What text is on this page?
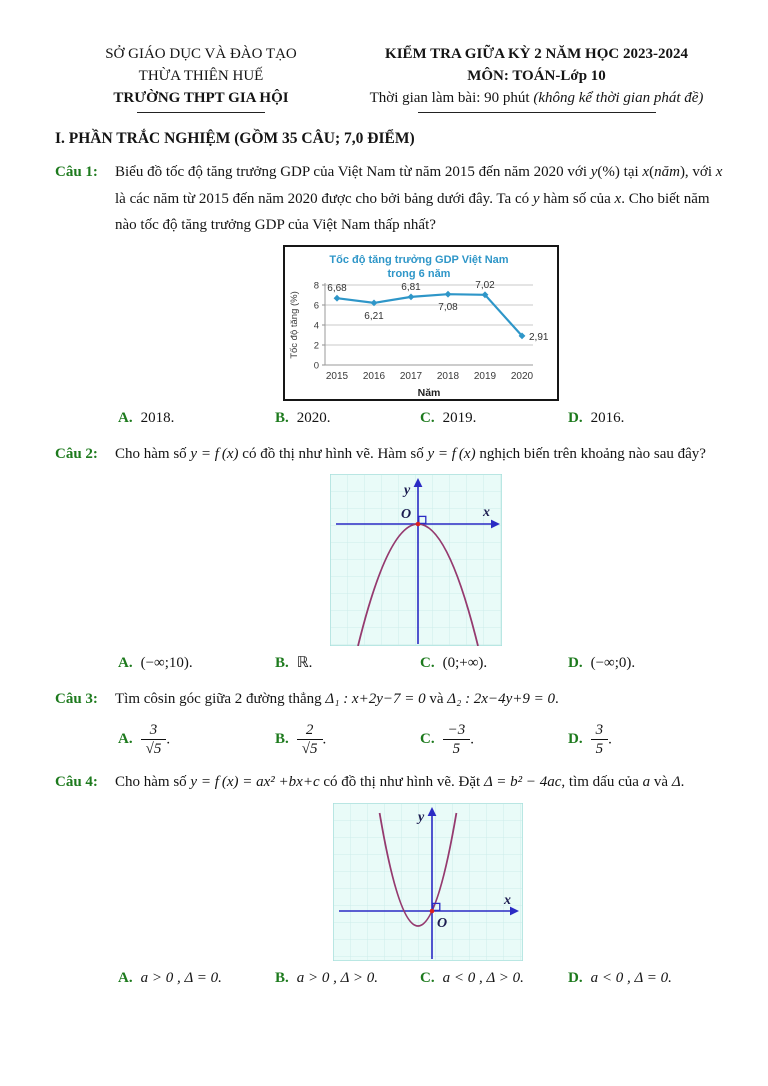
SỞ GIÁO DỤC VÀ ĐÀO TẠO
THỪA THIÊN HUẾ
TRƯỜNG THPT GIA HỘI
KIỂM TRA GIỮA KỲ 2 NĂM HỌC 2023-2024
MÔN: TOÁN-Lớp 10
Thời gian làm bài: 90 phút (không kể thời gian phát đề)
I. PHẦN TRẮC NGHIỆM (GỒM 35 CÂU; 7,0 ĐIỂM)
Câu 1:	Biểu đồ tốc độ tăng trưởng GDP của Việt Nam từ năm 2015 đến năm 2020 với y(%) tại x(năm), với x là các năm từ 2015 đến năm 2020 được cho bởi bảng dưới đây. Ta có y hàm số của x. Cho biết năm nào tốc độ tăng trưởng GDP của Việt Nam thấp nhất?
Tốc độ tăng trưởng GDP Việt Nam
trong 6 năm
0
2
4
6
8 6,68
2015
6,21
2016
6,81
2017
7,08
2018
7,02
2019
2,91
2020
Năm
Tốc độ tăng (%)
A. 2018.	B. 2020.	C. 2019.	D. 2016.
Câu 2:	Cho hàm số y = f (x) có đồ thị như hình vẽ. Hàm số y = f (x) nghịch biến trên khoảng nào sau đây?
y
x
O
A. (−∞;10).	B. ℝ.	C. (0;+∞).	D. (−∞;0).
Câu 3:	Tìm côsin góc giữa 2 đường thẳng Δ₁ : x+2y−7 = 0 và Δ₂ : 2x−4y+9 = 0.
A. $\frac{3}{√5}$ .	B. $\frac{2}{√5}$ .	C. $\frac{-3}{5}$ .	D. $\frac{3}{5}$ .
Câu 4:	Cho hàm số y = f (x) = ax² +bx+c có đồ thị như hình vẽ. Đặt Δ = b² − 4ac, tìm dấu của a và Δ.
y
x
O
A. a > 0 , Δ = 0.	B. a > 0 , Δ > 0.	C. a < 0 , Δ > 0.	D. a < 0 , Δ = 0.
